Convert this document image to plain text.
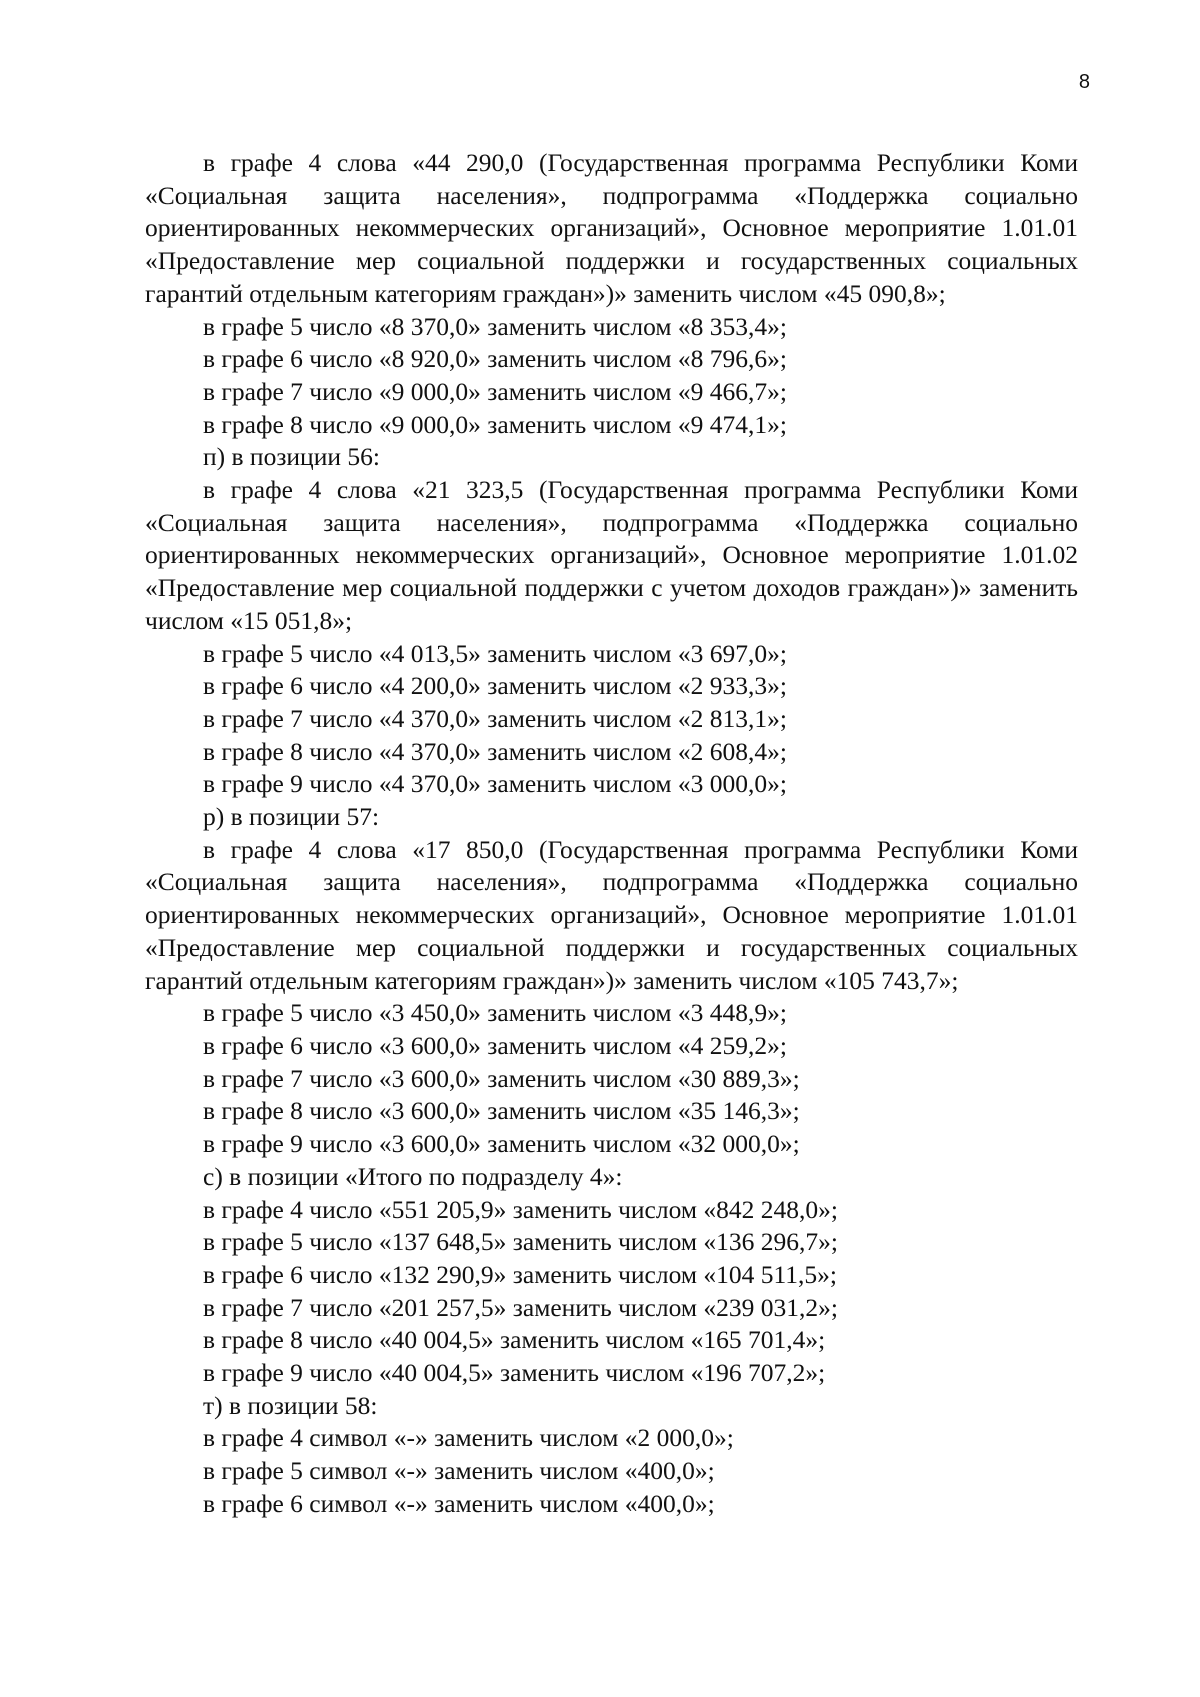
8

в графе 4 слова «44 290,0 (Государственная программа Республики Коми «Социальная защита населения», подпрограмма «Поддержка социально ориентированных некоммерческих организаций», Основное мероприятие 1.01.01 «Предоставление мер социальной поддержки и государственных социальных гарантий отдельным категориям граждан»)» заменить числом «45 090,8»;

в графе 5 число «8 370,0» заменить числом «8 353,4»;

в графе 6 число «8 920,0» заменить числом «8 796,6»;

в графе 7 число «9 000,0» заменить числом «9 466,7»;

в графе 8 число «9 000,0» заменить числом «9 474,1»;

п) в позиции 56:

в графе 4 слова «21 323,5 (Государственная программа Республики Коми «Социальная защита населения», подпрограмма «Поддержка социально ориентированных некоммерческих организаций», Основное мероприятие 1.01.02 «Предоставление мер социальной поддержки с учетом доходов граждан»)» заменить числом «15 051,8»;

в графе 5 число «4 013,5» заменить числом «3 697,0»;

в графе 6 число «4 200,0» заменить числом «2 933,3»;

в графе 7 число «4 370,0» заменить числом «2 813,1»;

в графе 8 число «4 370,0» заменить числом «2 608,4»;

в графе 9 число «4 370,0» заменить числом «3 000,0»;

р) в позиции 57:

в графе 4 слова «17 850,0 (Государственная программа Республики Коми «Социальная защита населения», подпрограмма «Поддержка социально ориентированных некоммерческих организаций», Основное мероприятие 1.01.01 «Предоставление мер социальной поддержки и государственных социальных гарантий отдельным категориям граждан»)» заменить числом «105 743,7»;

в графе 5 число «3 450,0» заменить числом «3 448,9»;

в графе 6 число «3 600,0» заменить числом «4 259,2»;

в графе 7 число «3 600,0» заменить числом «30 889,3»;

в графе 8 число «3 600,0» заменить числом «35 146,3»;

в графе 9 число «3 600,0» заменить числом «32 000,0»;

с) в позиции «Итого по подразделу 4»:

в графе 4 число «551 205,9» заменить числом «842 248,0»;

в графе 5 число «137 648,5» заменить числом «136 296,7»;

в графе 6 число «132 290,9» заменить числом «104 511,5»;

в графе 7 число «201 257,5» заменить числом «239 031,2»;

в графе 8 число «40 004,5» заменить числом «165 701,4»;

в графе 9 число «40 004,5» заменить числом «196 707,2»;

т) в позиции 58:

в графе 4 символ «-» заменить числом «2 000,0»;

в графе 5 символ «-» заменить числом «400,0»;

в графе 6 символ «-» заменить числом «400,0»;
